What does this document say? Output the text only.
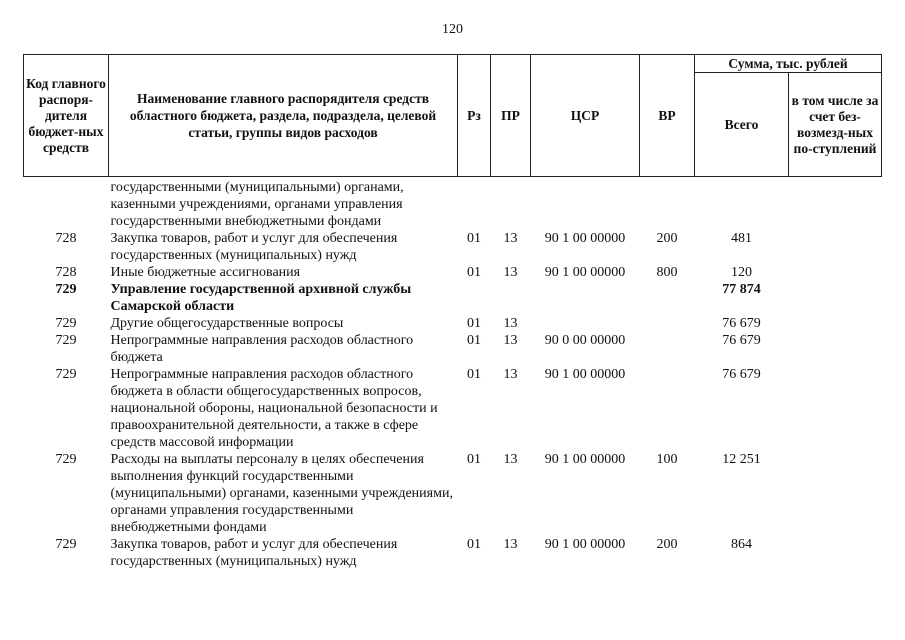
120
Код главного распоря-дителя бюджет-ных средств	Наименование главного распорядителя средств областного бюджета, раздела, подраздела, целевой статьи, группы видов расходов	Рз	ПР	ЦСР	ВР	Сумма, тыс. рублей	
						Всего	в том числе за счет без-возмезд-ных по-ступлений
	государственными (муниципальными) органами, казенными учреждениями, органами управления государственными внебюджетными фондами						
728	Закупка товаров, работ и услуг для обеспечения государственных (муниципальных) нужд	01	13	90 1 00 00000	200	481	
728	Иные бюджетные ассигнования	01	13	90 1 00 00000	800	120	
729	Управление государственной архивной службы Самарской области					77 874	
729	Другие общегосударственные вопросы	01	13			76 679	
729	Непрограммные направления расходов областного бюджета	01	13	90 0 00 00000		76 679	
729	Непрограммные направления расходов областного бюджета в области общегосударственных вопросов, национальной обороны, национальной безопасности и правоохранительной деятельности, а также в сфере средств массовой информации	01	13	90 1 00 00000		76 679	
729	Расходы на выплаты персоналу в целях обеспечения выполнения функций государственными (муниципальными) органами, казенными учреждениями, органами управления государственными внебюджетными фондами	01	13	90 1 00 00000	100	12 251	
729	Закупка товаров, работ и услуг для обеспечения государственных (муниципальных) нужд	01	13	90 1 00 00000	200	864	
